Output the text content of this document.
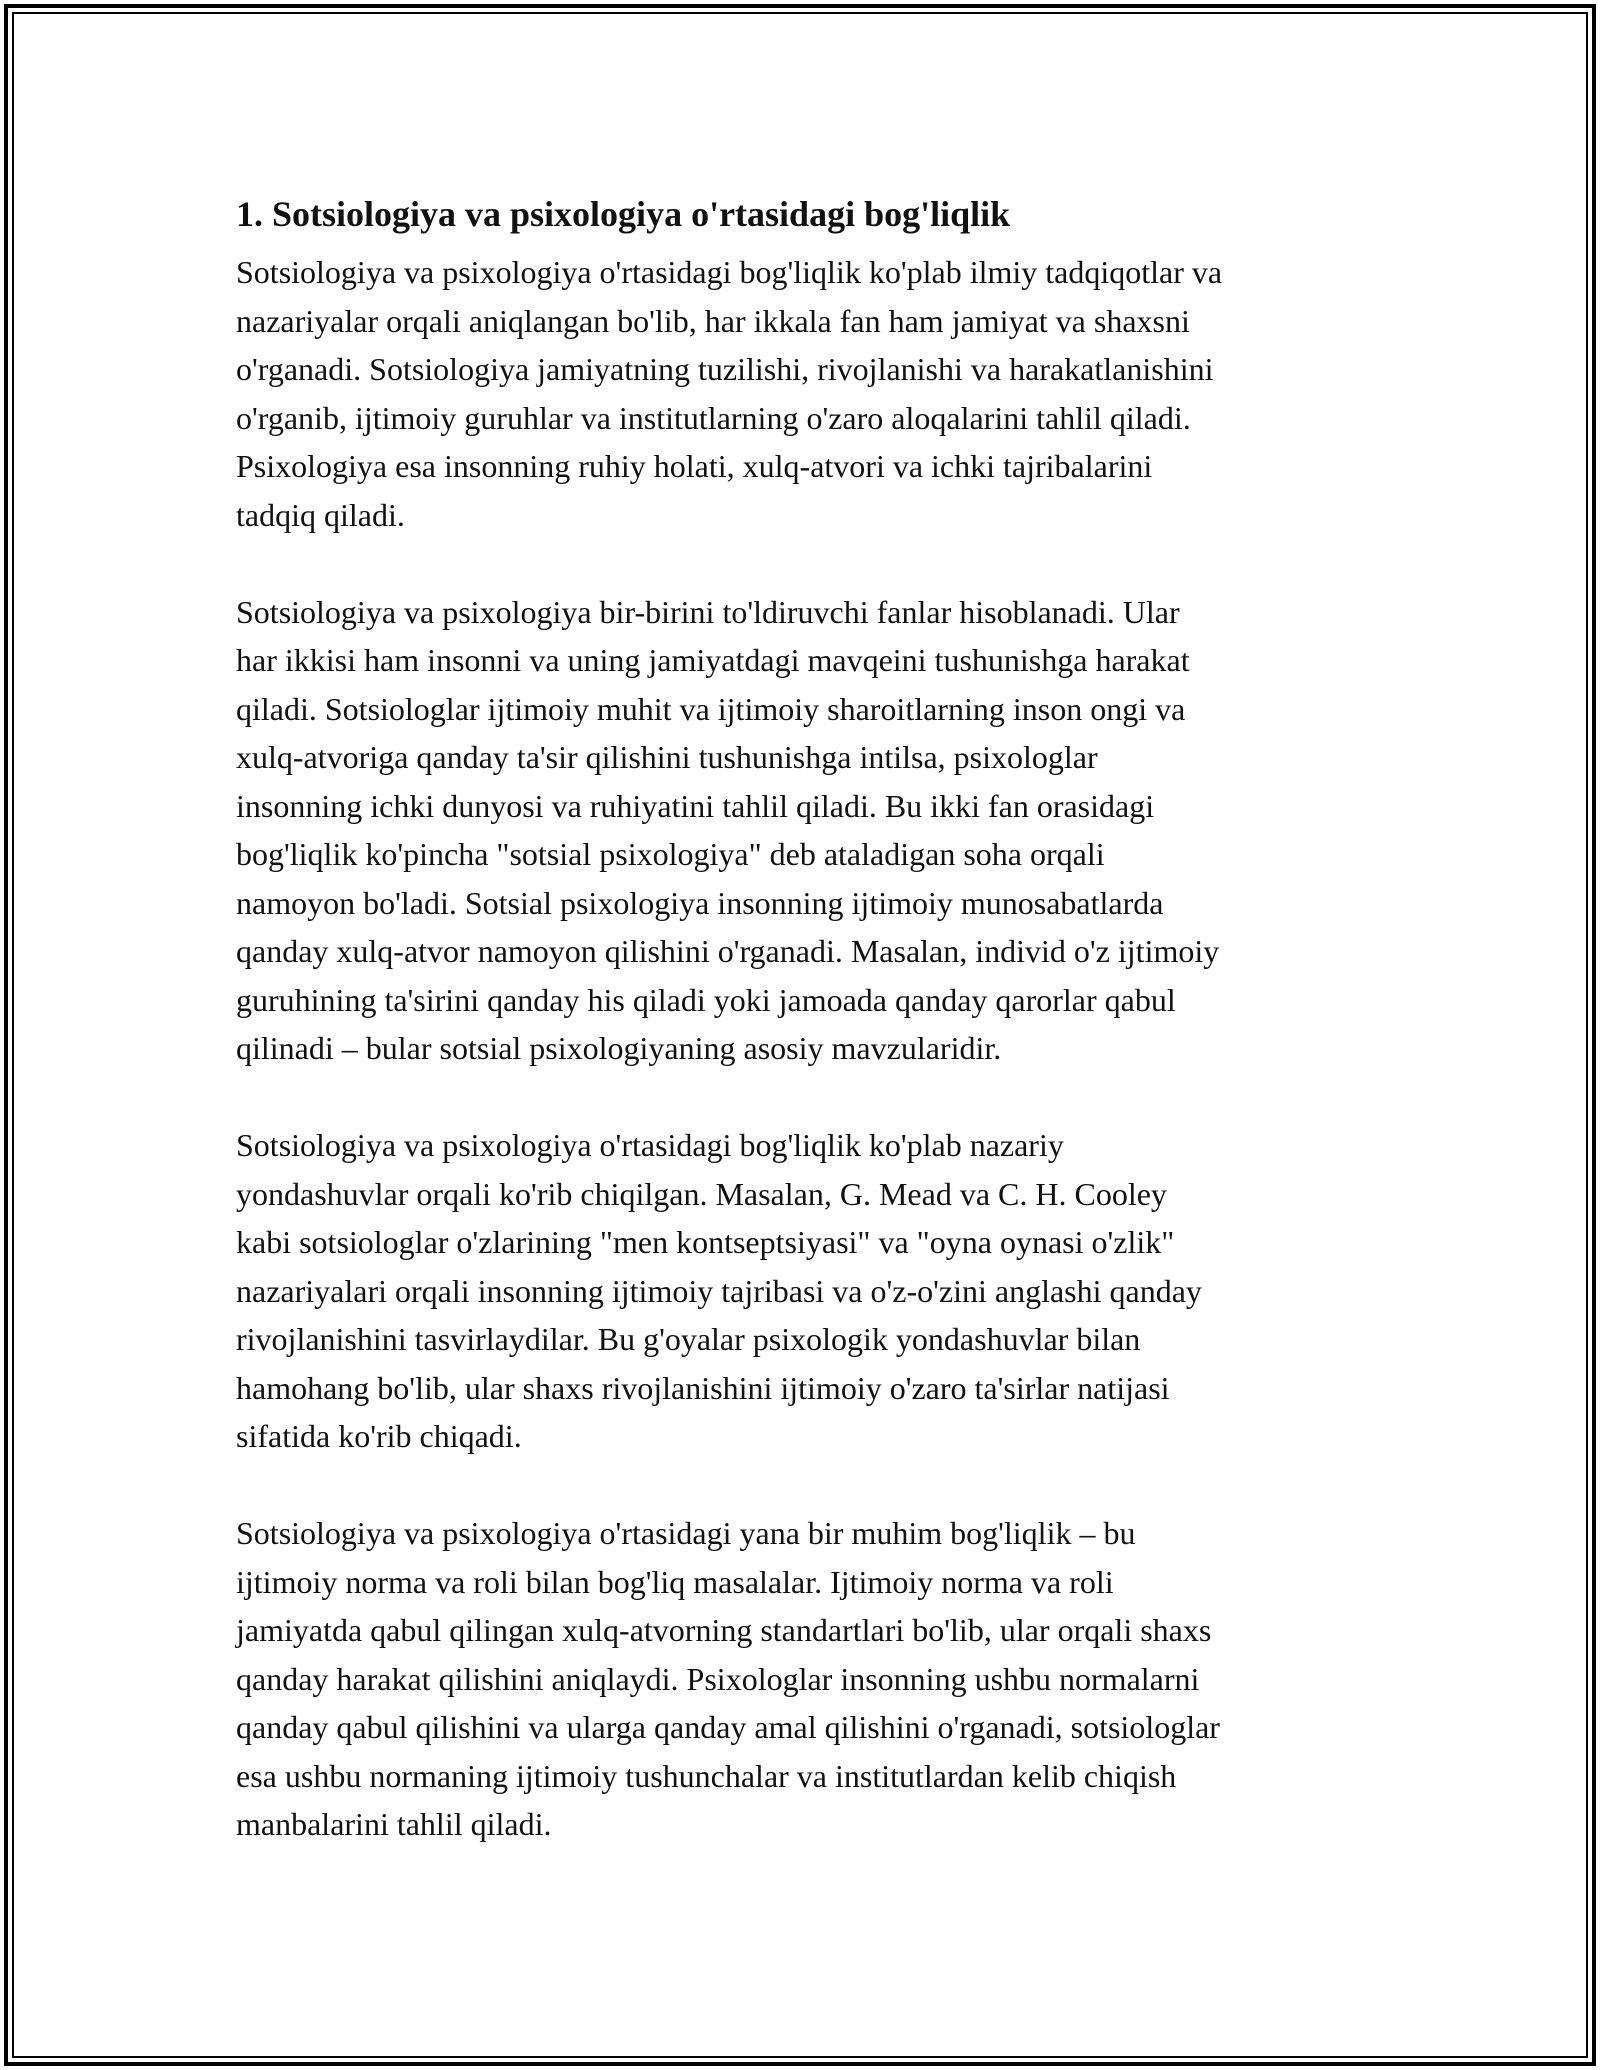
1. Sotsiologiya va psixologiya o'rtasidagi bog'liqlik
Sotsiologiya va psixologiya o'rtasidagi bog'liqlik ko'plab ilmiy tadqiqotlar va
nazariyalar orqali aniqlangan bo'lib, har ikkala fan ham jamiyat va shaxsni
o'rganadi. Sotsiologiya jamiyatning tuzilishi, rivojlanishi va harakatlanishini
o'rganib, ijtimoiy guruhlar va institutlarning o'zaro aloqalarini tahlil qiladi.
Psixologiya esa insonning ruhiy holati, xulq-atvori va ichki tajribalarini
tadqiq qiladi.
Sotsiologiya va psixologiya bir-birini to'ldiruvchi fanlar hisoblanadi. Ular
har ikkisi ham insonni va uning jamiyatdagi mavqeini tushunishga harakat
qiladi. Sotsiologlar ijtimoiy muhit va ijtimoiy sharoitlarning inson ongi va
xulq-atvoriga qanday ta'sir qilishini tushunishga intilsa, psixologlar
insonning ichki dunyosi va ruhiyatini tahlil qiladi. Bu ikki fan orasidagi
bog'liqlik ko'pincha "sotsial psixologiya" deb ataladigan soha orqali
namoyon bo'ladi. Sotsial psixologiya insonning ijtimoiy munosabatlarda
qanday xulq-atvor namoyon qilishini o'rganadi. Masalan, individ o'z ijtimoiy
guruhining ta'sirini qanday his qiladi yoki jamoada qanday qarorlar qabul
qilinadi – bular sotsial psixologiyaning asosiy mavzularidir.
Sotsiologiya va psixologiya o'rtasidagi bog'liqlik ko'plab nazariy
yondashuvlar orqali ko'rib chiqilgan. Masalan, G. Mead va C. H. Cooley
kabi sotsiologlar o'zlarining "men kontseptsiyasi" va "oyna oynasi o'zlik"
nazariyalari orqali insonning ijtimoiy tajribasi va o'z-o'zini anglashi qanday
rivojlanishini tasvirlaydilar. Bu g'oyalar psixologik yondashuvlar bilan
hamohang bo'lib, ular shaxs rivojlanishini ijtimoiy o'zaro ta'sirlar natijasi
sifatida ko'rib chiqadi.
Sotsiologiya va psixologiya o'rtasidagi yana bir muhim bog'liqlik – bu
ijtimoiy norma va roli bilan bog'liq masalalar. Ijtimoiy norma va roli
jamiyatda qabul qilingan xulq-atvorning standartlari bo'lib, ular orqali shaxs
qanday harakat qilishini aniqlaydi. Psixologlar insonning ushbu normalarni
qanday qabul qilishini va ularga qanday amal qilishini o'rganadi, sotsiologlar
esa ushbu normaning ijtimoiy tushunchalar va institutlardan kelib chiqish
manbalarini tahlil qiladi.
